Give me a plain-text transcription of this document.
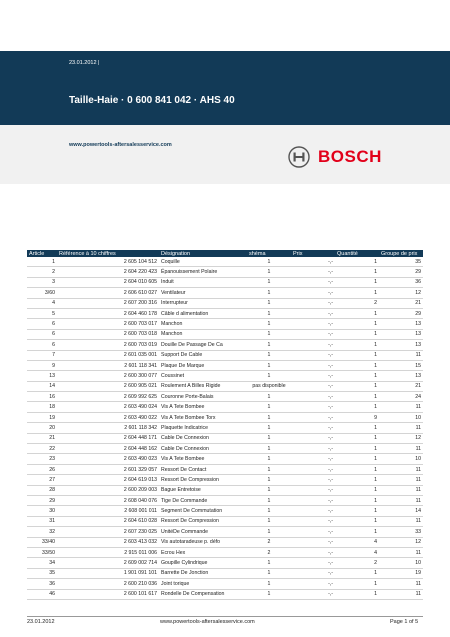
23.01.2012 |
Taille-Haie · 0 600 841 042 · AHS 40
www.powertools-aftersalesservice.com
BOSCH
Article	Référence à 10 chiffres	Désignation	shéma	Prix	Quantité	Groupe de prix
1	2 605 104 512	Coquille	1	-,-	1	35
2	2 604 220 423	Épanouissement Polaire	1	-,-	1	29
3	2 604 010 605	Induit	1	-,-	1	36
3/60	2 606 610 027	Ventilateur	1	-,-	1	12
4	2 607 200 316	Interrupteur	1	-,-	2	21
5	2 604 460 178	Câble d alimentation	1	-,-	1	29
6	2 600 703 017	Manchon	1	-,-	1	13
6	2 600 703 018	Manchon	1	-,-	1	13
6	2 600 703 019	Douille De Passage De Ca	1	-,-	1	13
7	2 601 035 001	Support De Cable	1	-,-	1	11
9	2 601 118 341	Plaque De Marque	1	-,-	1	15
13	2 600 300 077	Coussinet	1	-,-	1	13
14	2 600 905 021	Roulement A Billes Rigide	pas disponible	-,-	1	21
16	2 609 992 625	Couronne Porte-Balais	1	-,-	1	24
18	2 603 490 024	Vis A Tete Bombee	1	-,-	1	11
19	2 603 490 022	Vis A Tete Bombee Torx	1	-,-	9	10
20	2 601 118 342	Plaquette Indicatrice	1	-,-	1	11
21	2 604 448 171	Cable De Connexion	1	-,-	1	12
22	2 604 448 162	Cable De Connexion	1	-,-	1	11
23	2 603 490 023	Vis A Tete Bombee	1	-,-	1	10
26	2 601 329 057	Ressort De Contact	1	-,-	1	11
27	2 604 619 013	Ressort De Compression	1	-,-	1	11
28	2 600 209 003	Bague Entretoise	1	-,-	1	11
29	2 608 040 076	Tige De Commande	1	-,-	1	11
30	2 608 001 011	Segment De Commutation	1	-,-	1	14
31	2 604 610 028	Ressort De Compression	1	-,-	1	11
32	2 607 230 025	UnitéDe Commande	1	-,-	1	33
33/40	2 603 413 032	Vis autotaradeuse p. défo	2	-,-	4	12
33/50	2 915 011 006	Ecrou Hex	2	-,-	4	11
34	2 609 002 714	Goupille Cylindrique	1	-,-	2	10
35	1 901 091 101	Barrette De Jonction	1	-,-	1	19
36	2 600 210 036	Joint torique	1	-,-	1	11
46	2 600 101 617	Rondelle De Compensation	1	-,-	1	11
23.01.2012	www.powertools-aftersalesservice.com	Page 1 of 5
